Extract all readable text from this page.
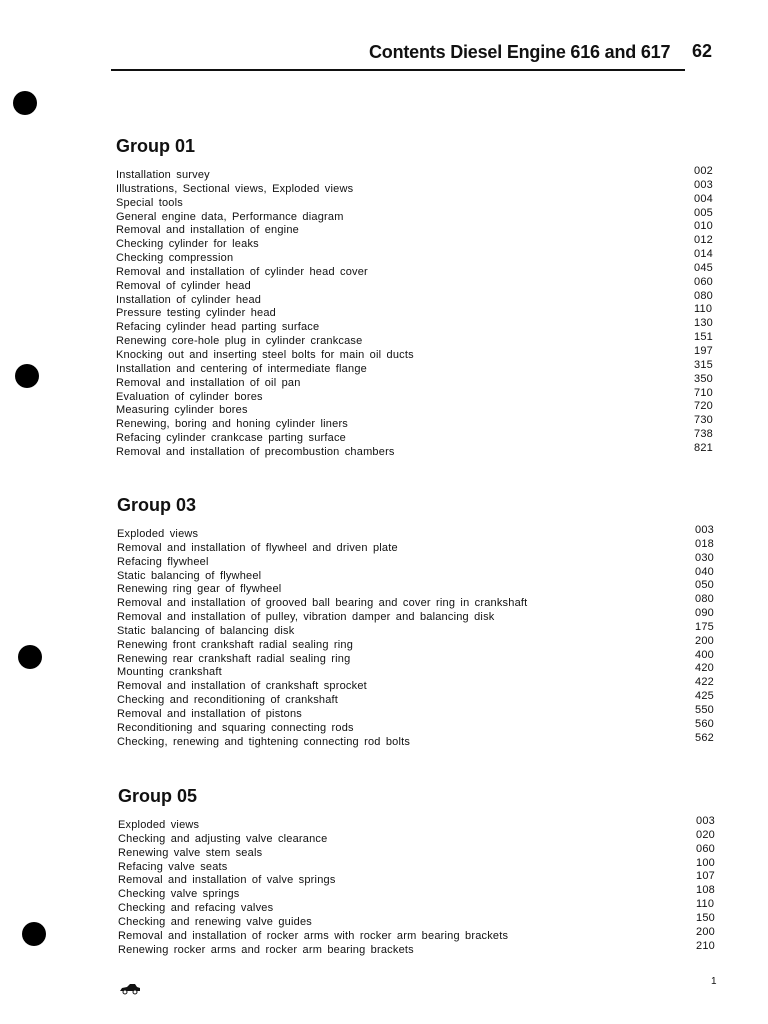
Contents Diesel Engine 616 and 617 62
Group 01
Installation survey	002
Illustrations, Sectional views, Exploded views	003
Special tools	004
General engine data, Performance diagram	005
Removal and installation of engine	010
Checking cylinder for leaks	012
Checking compression	014
Removal and installation of cylinder head cover	045
Removal of cylinder head	060
Installation of cylinder head	080
Pressure testing cylinder head	110
Refacing cylinder head parting surface	130
Renewing core-hole plug in cylinder crankcase	151
Knocking out and inserting steel bolts for main oil ducts	197
Installation and centering of intermediate flange	315
Removal and installation of oil pan	350
Evaluation of cylinder bores	710
Measuring cylinder bores	720
Renewing, boring and honing cylinder liners	730
Refacing cylinder crankcase parting surface	738
Removal and installation of precombustion chambers	821
Group 03
Exploded views	003
Removal and installation of flywheel and driven plate	018
Refacing flywheel	030
Static balancing of flywheel	040
Renewing ring gear of flywheel	050
Removal and installation of grooved ball bearing and cover ring in crankshaft	080
Removal and installation of pulley, vibration damper and balancing disk	090
Static balancing of balancing disk	175
Renewing front crankshaft radial sealing ring	200
Renewing rear crankshaft radial sealing ring	400
Mounting crankshaft	420
Removal and installation of crankshaft sprocket	422
Checking and reconditioning of crankshaft	425
Removal and installation of pistons	550
Reconditioning and squaring connecting rods	560
Checking, renewing and tightening connecting rod bolts	562
Group 05
Exploded views	003
Checking and adjusting valve clearance	020
Renewing valve stem seals	060
Refacing valve seats	100
Removal and installation of valve springs	107
Checking valve springs	108
Checking and refacing valves	110
Checking and renewing valve guides	150
Removal and installation of rocker arms with rocker arm bearing brackets	200
Renewing rocker arms and rocker arm bearing brackets	210
1
